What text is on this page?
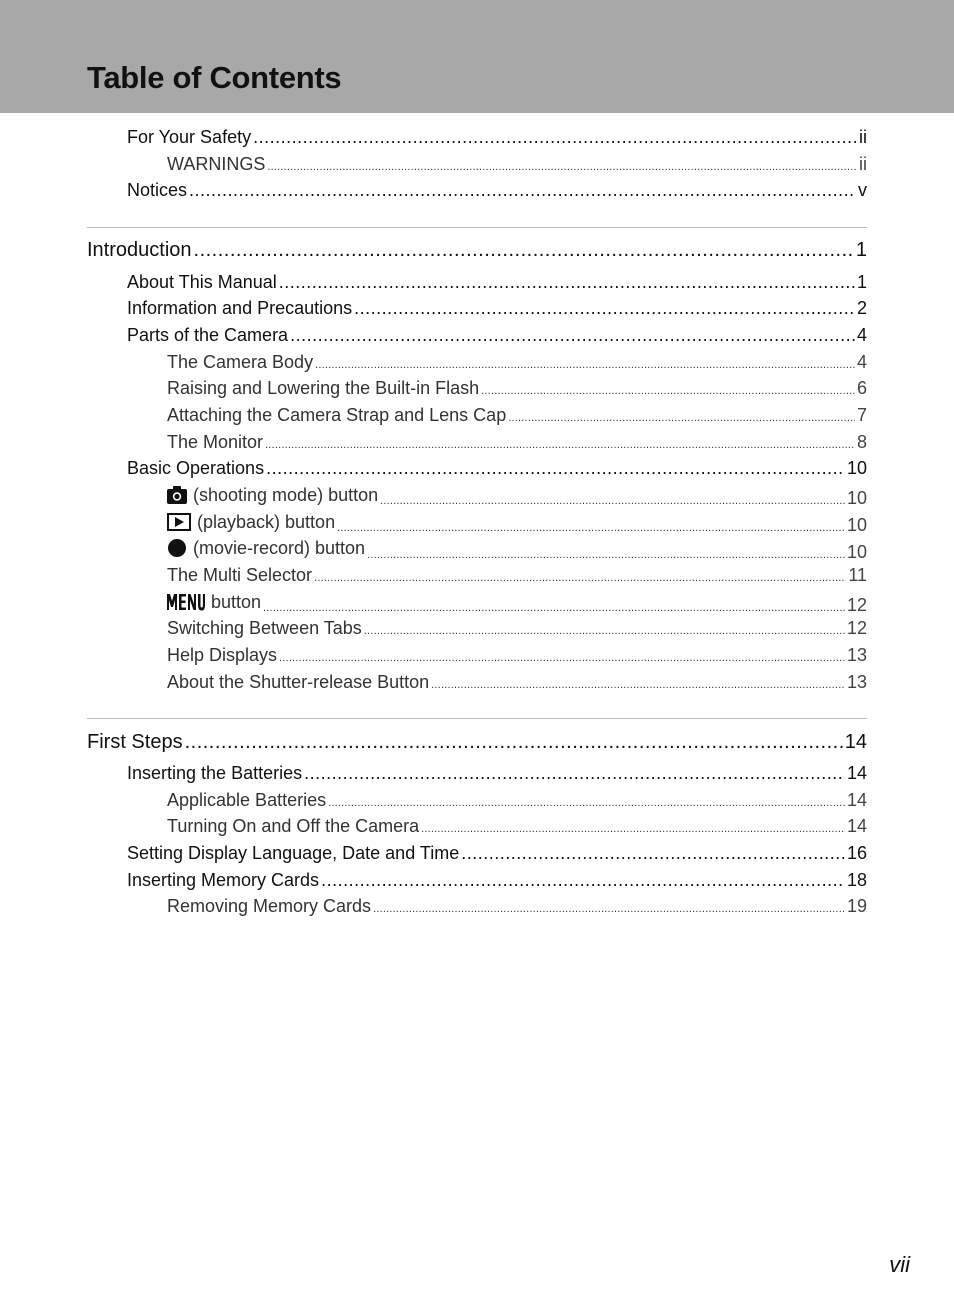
Table of Contents
For Your Safety .....	ii
WARNINGS .....	ii
Notices .....	v
Introduction .....	1
About This Manual .....	1
Information and Precautions .....	2
Parts of the Camera .....	4
The Camera Body .....	4
Raising and Lowering the Built-in Flash .....	6
Attaching the Camera Strap and Lens Cap .....	7
The Monitor .....	8
Basic Operations .....	10
(shooting mode) button .....	10
(playback) button .....	10
(movie-record) button .....	10
The Multi Selector .....	11
button .....	12
Switching Between Tabs .....	12
Help Displays .....	13
About the Shutter-release Button .....	13
First Steps .....	14
Inserting the Batteries .....	14
Applicable Batteries .....	14
Turning On and Off the Camera .....	14
Setting Display Language, Date and Time .....	16
Inserting Memory Cards .....	18
Removing Memory Cards .....	19
vii
